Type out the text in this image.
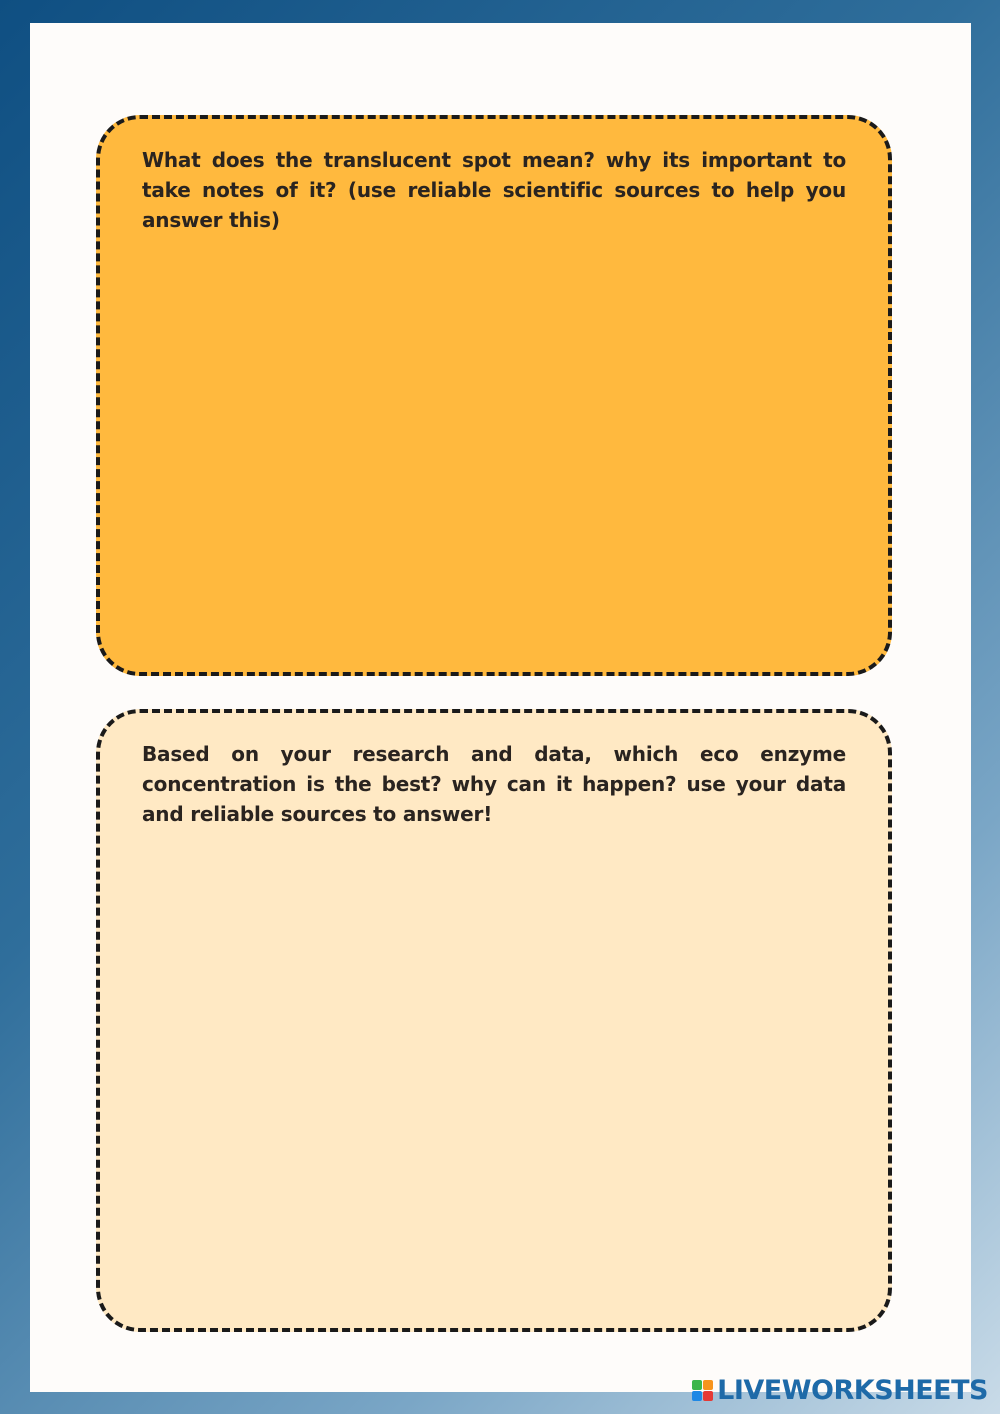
What does the translucent spot mean? why its important to take notes of it? (use reliable scientific sources to help you answer this)

Based on your research and data, which eco enzyme concentration is the best? why can it happen? use your data and reliable sources to answer!

LIVEWORKSHEETS
